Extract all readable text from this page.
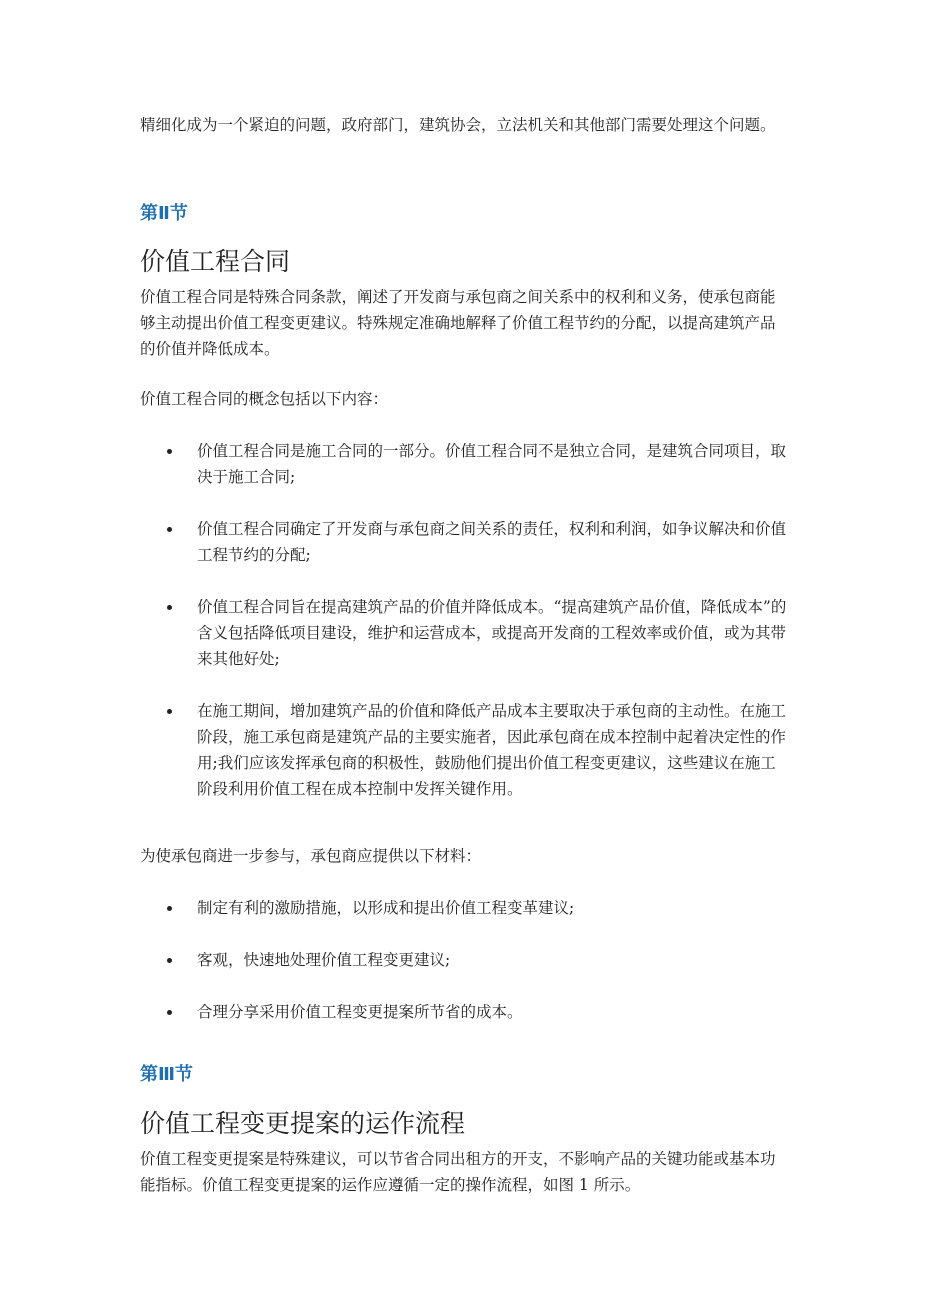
精细化成为一个紧迫的问题，政府部门，建筑协会，立法机关和其他部门需要处理这个问题。

第Ⅱ节
价值工程合同

价值工程合同是特殊合同条款，阐述了开发商与承包商之间关系中的权利和义务，使承包商能够主动提出价值工程变更建议。特殊规定准确地解释了价值工程节约的分配，以提高建筑产品的价值并降低成本。

价值工程合同的概念包括以下内容：

价值工程合同是施工合同的一部分。价值工程合同不是独立合同，是建筑合同项目，取决于施工合同;
价值工程合同确定了开发商与承包商之间关系的责任，权利和利润，如争议解决和价值工程节约的分配;
价值工程合同旨在提高建筑产品的价值并降低成本。“提高建筑产品价值，降低成本”的含义包括降低项目建设，维护和运营成本，或提高开发商的工程效率或价值，或为其带来其他好处;
在施工期间，增加建筑产品的价值和降低产品成本主要取决于承包商的主动性。在施工阶段，施工承包商是建筑产品的主要实施者，因此承包商在成本控制中起着决定性的作用;我们应该发挥承包商的积极性，鼓励他们提出价值工程变更建议，这些建议在施工阶段利用价值工程在成本控制中发挥关键作用。

为使承包商进一步参与，承包商应提供以下材料：

制定有利的激励措施，以形成和提出价值工程变革建议;
客观，快速地处理价值工程变更建议;
合理分享采用价值工程变更提案所节省的成本。
第Ⅲ节
价值工程变更提案的运作流程

价值工程变更提案是特殊建议，可以节省合同出租方的开支，不影响产品的关键功能或基本功能指标。价值工程变更提案的运作应遵循一定的操作流程，如图 1 所示。
